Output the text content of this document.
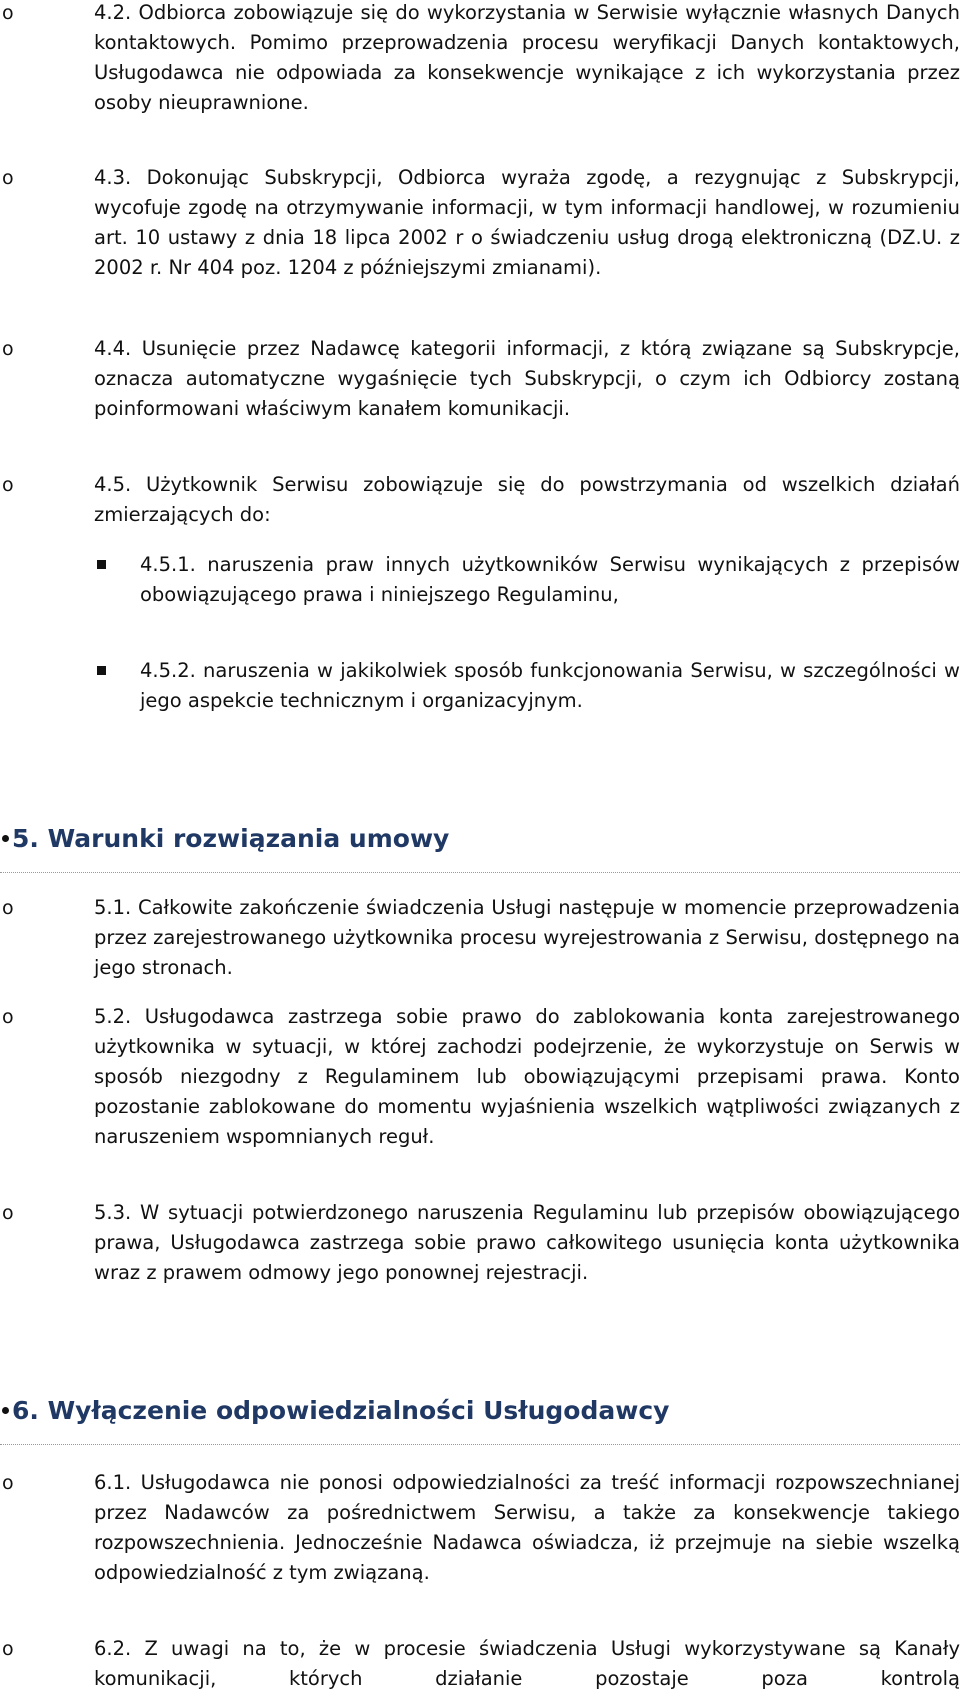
o	4.2. Odbiorca zobowiązuje się do wykorzystania w Serwisie wyłącznie własnych Danych kontaktowych. Pomimo przeprowadzenia procesu weryfikacji Danych kontaktowych, Usługodawca nie odpowiada za konsekwencje wynikające z ich wykorzystania przez osoby nieuprawnione.
o	4.3. Dokonując Subskrypcji, Odbiorca wyraża zgodę, a rezygnując z Subskrypcji, wycofuje zgodę na otrzymywanie informacji, w tym informacji handlowej, w rozumieniu art. 10 ustawy z dnia 18 lipca 2002 r o świadczeniu usług drogą elektroniczną (DZ.U. z 2002 r. Nr 404 poz. 1204 z późniejszymi zmianami).
o	4.4. Usunięcie przez Nadawcę kategorii informacji, z którą związane są Subskrypcje, oznacza automatyczne wygaśnięcie tych Subskrypcji, o czym ich Odbiorcy zostaną poinformowani właściwym kanałem komunikacji.
o	4.5. Użytkownik Serwisu zobowiązuje się do powstrzymania od wszelkich działań zmierzających do:
4.5.1. naruszenia praw innych użytkowników Serwisu wynikających z przepisów obowiązującego prawa i niniejszego Regulaminu,
4.5.2. naruszenia w jakikolwiek sposób funkcjonowania Serwisu, w szczególności w jego aspekcie technicznym i organizacyjnym.
5. Warunki rozwiązania umowy
o	5.1. Całkowite zakończenie świadczenia Usługi następuje w momencie przeprowadzenia przez zarejestrowanego użytkownika procesu wyrejestrowania z Serwisu, dostępnego na jego stronach.
o	5.2. Usługodawca zastrzega sobie prawo do zablokowania konta zarejestrowanego użytkownika w sytuacji, w której zachodzi podejrzenie, że wykorzystuje on Serwis w sposób niezgodny z Regulaminem lub obowiązującymi przepisami prawa. Konto pozostanie zablokowane do momentu wyjaśnienia wszelkich wątpliwości związanych z naruszeniem wspomnianych reguł.
o	5.3. W sytuacji potwierdzonego naruszenia Regulaminu lub przepisów obowiązującego prawa, Usługodawca zastrzega sobie prawo całkowitego usunięcia konta użytkownika wraz z prawem odmowy jego ponownej rejestracji.
6. Wyłączenie odpowiedzialności Usługodawcy
o	6.1. Usługodawca nie ponosi odpowiedzialności za treść informacji rozpowszechnianej przez Nadawców za pośrednictwem Serwisu, a także za konsekwencje takiego rozpowszechnienia. Jednocześnie Nadawca oświadcza, iż przejmuje na siebie wszelką odpowiedzialność z tym związaną.
o	6.2. Z uwagi na to, że w procesie świadczenia Usługi wykorzystywane są Kanały komunikacji, których działanie pozostaje poza kontrolą
